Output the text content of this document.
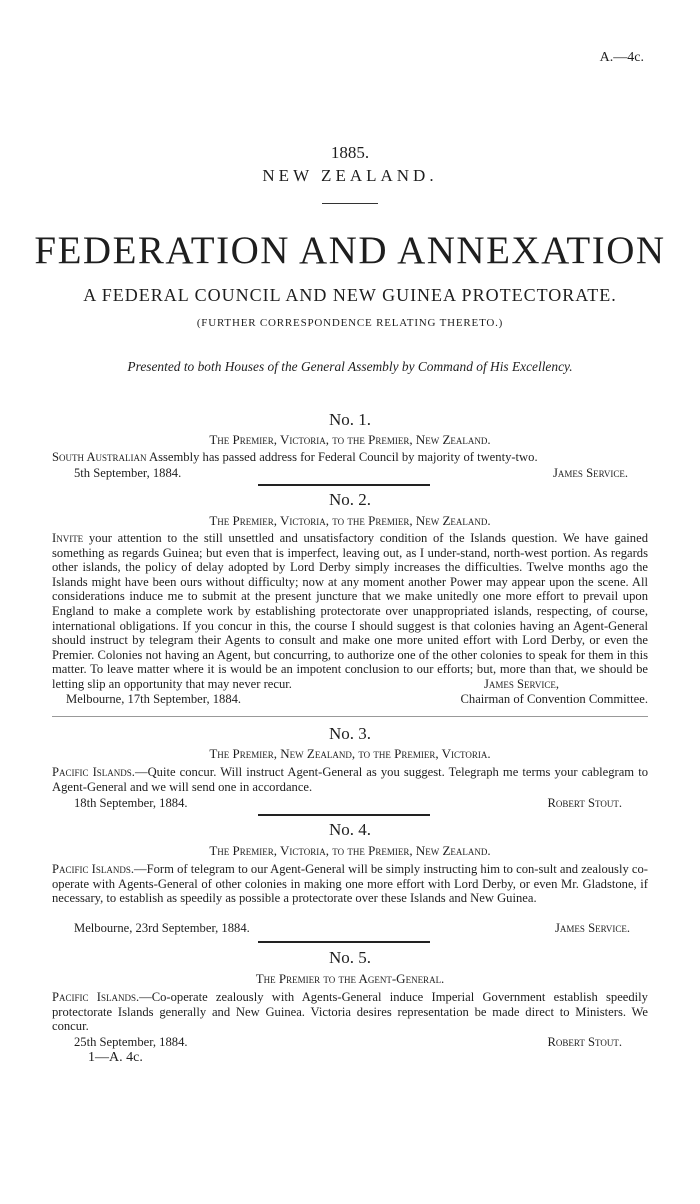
A.—4c.
1885.
NEW ZEALAND.
FEDERATION AND ANNEXATION
A FEDERAL COUNCIL AND NEW GUINEA PROTECTORATE.
(FURTHER CORRESPONDENCE RELATING THERETO.)
Presented to both Houses of the General Assembly by Command of His Excellency.
No. 1.
The Premier, Victoria, to the Premier, New Zealand.
South Australian Assembly has passed address for Federal Council by majority of twenty-two.
5th September, 1884.	James Service.
No. 2.
The Premier, Victoria, to the Premier, New Zealand.
Invite your attention to the still unsettled and unsatisfactory condition of the Islands question. We have gained something as regards Guinea; but even that is imperfect, leaving out, as I under-stand, north-west portion. As regards other islands, the policy of delay adopted by Lord Derby simply increases the difficulties. Twelve months ago the Islands might have been ours without difficulty; now at any moment another Power may appear upon the scene. All considerations induce me to submit at the present juncture that we make unitedly one more effort to prevail upon England to make a complete work by establishing protectorate over unappropriated islands, respecting, of course, international obligations. If you concur in this, the course I should suggest is that colonies having an Agent-General should instruct by telegram their Agents to consult and make one more united effort with Lord Derby, or even the Premier. Colonies not having an Agent, but concurring, to authorize one of the other colonies to speak for them in this matter. To leave matter where it is would be an impotent conclusion to our efforts; but, more than that, we should be letting slip an opportunity that may never recur.	James Service,
Melbourne, 17th September, 1884.	Chairman of Convention Committee.
No. 3.
The Premier, New Zealand, to the Premier, Victoria.
Pacific Islands.—Quite concur. Will instruct Agent-General as you suggest. Telegraph me terms your cablegram to Agent-General and we will send one in accordance.
18th September, 1884.	Robert Stout.
No. 4.
The Premier, Victoria, to the Premier, New Zealand.
Pacific Islands.—Form of telegram to our Agent-General will be simply instructing him to con-sult and zealously co-operate with Agents-General of other colonies in making one more effort with Lord Derby, or even Mr. Gladstone, if necessary, to establish as speedily as possible a protectorate over these Islands and New Guinea.
Melbourne, 23rd September, 1884.	James Service.
No. 5.
The Premier to the Agent-General.
Pacific Islands.—Co-operate zealously with Agents-General induce Imperial Government establish speedily protectorate Islands generally and New Guinea. Victoria desires representation be made direct to Ministers. We concur.
25th September, 1884.	Robert Stout.
1—A. 4c.
